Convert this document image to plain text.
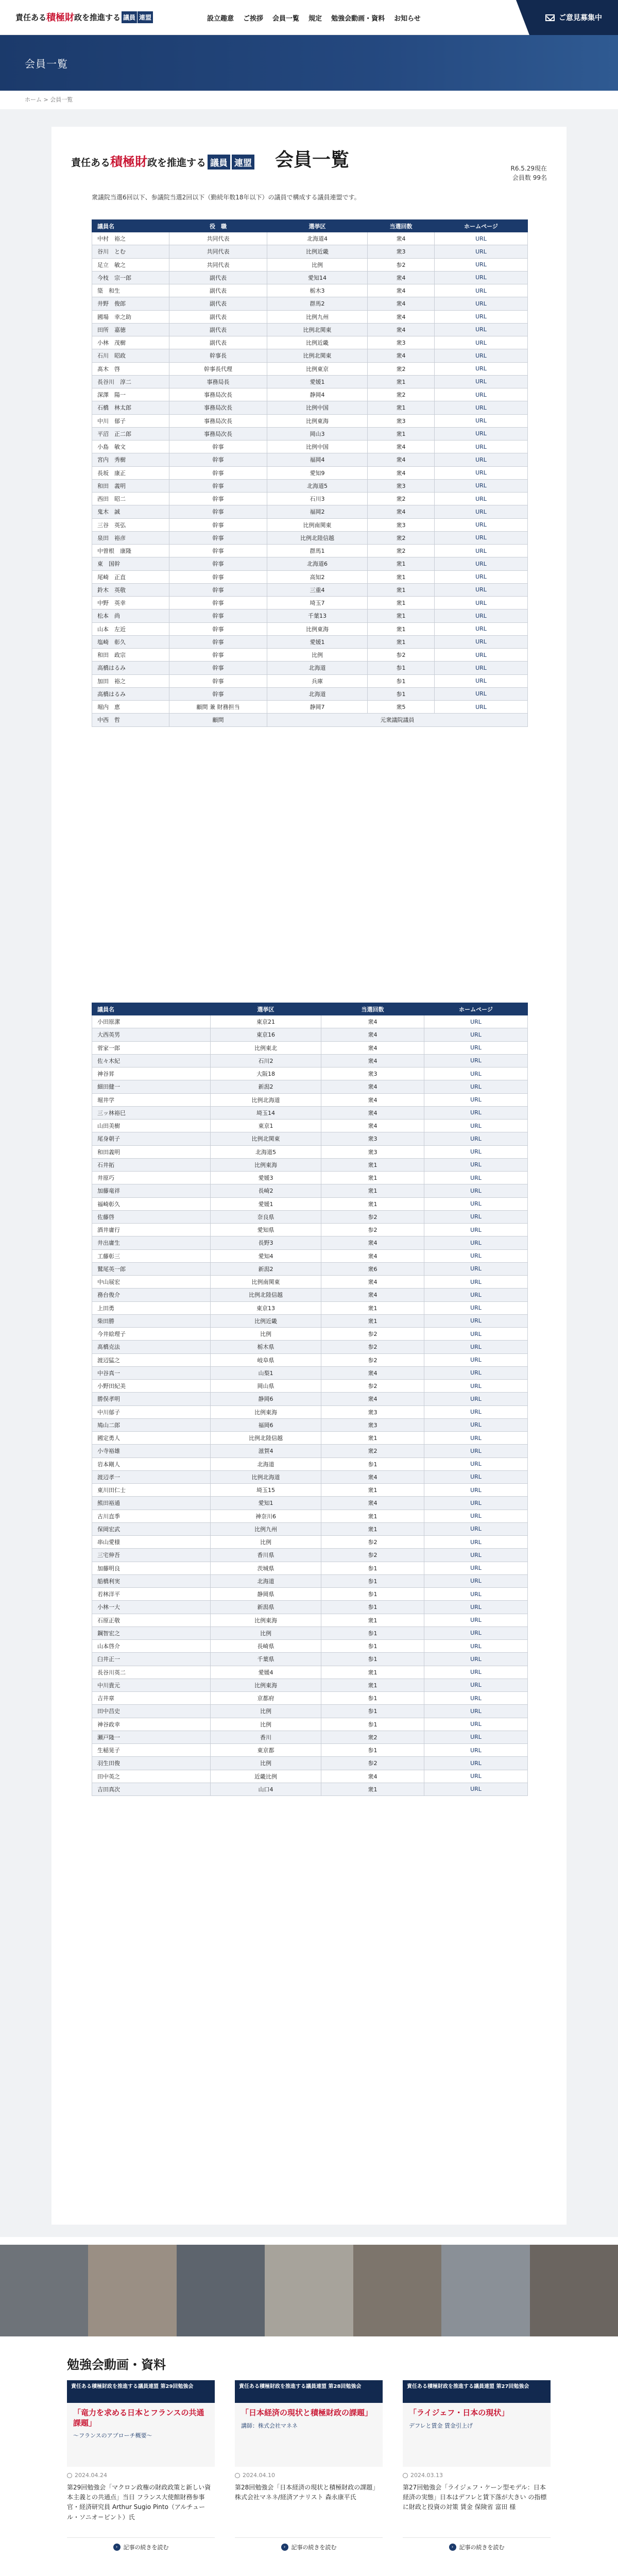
責任ある 積極財 政を推進する 議員 連盟	設立趣意 ご挨拶 会員一覧 規定 勉強会動画・資料 お知らせ	ご意見募集中
会員一覧
ホーム > 会員一覧
責任ある 積極財 政を推進する 議員 連盟 会員一覧	R6.5.29現在
会員数 99名
衆議院当選6回以下、参議院当選2回以下（勤続年数18年以下）の議員で構成する議員連盟です。
議員名	役　職	選挙区	当選回数	ホームページ
中村　裕之	共同代表	北海道4	衆4	URL
谷川　とむ	共同代表	比例近畿	衆3	URL
足立　敏之	共同代表	比例	参2	URL
今枝　宗一郎	副代表	愛知14	衆4	URL
簗　和生	副代表	栃木3	衆4	URL
井野　俊郎	副代表	群馬2	衆4	URL
國場　幸之助	副代表	比例九州	衆4	URL
田所　嘉徳	副代表	比例北関東	衆4	URL
小林　茂樹	副代表	比例近畿	衆3	URL
石川　昭政	幹事長	比例北関東	衆4	URL
髙木　啓	幹事長代理	比例東京	衆2	URL
長谷川　淳二	事務局長	愛媛1	衆1	URL
深澤　陽一	事務局次長	静岡4	衆2	URL
石橋　林太郎	事務局次長	比例中国	衆1	URL
中川　郁子	事務局次長	比例東海	衆3	URL
平沼　正二郎	事務局次長	岡山3	衆1	URL
小島　敏文	幹事	比例中国	衆4	URL
宮内　秀樹	幹事	福岡4	衆4	URL
長坂　康正	幹事	愛知9	衆4	URL
和田　義明	幹事	北海道5	衆3	URL
西田　昭二	幹事	石川3	衆2	URL
鬼木　誠	幹事	福岡2	衆4	URL
三谷　英弘	幹事	比例南関東	衆3	URL
泉田　裕彦	幹事	比例北陸信越	衆2	URL
中曽根　康隆	幹事	群馬1	衆2	URL
東　国幹	幹事	北海道6	衆1	URL
尾崎　正直	幹事	高知2	衆1	URL
鈴木　英敬	幹事	三重4	衆1	URL
中野　英幸	幹事	埼玉7	衆1	URL
松本　尚	幹事	千葉13	衆1	URL
山本　左近	幹事	比例東海	衆1	URL
塩崎　彰久	幹事	愛媛1	衆1	URL
和田　政宗	幹事	比例	参2	URL
高橋はるみ	幹事	北海道	参1	URL
加田　裕之	幹事	兵庫	参1	URL
高橋はるみ	幹事	北海道	参1	URL
堀内　恵	顧問 兼 財務担当	静岡7	衆5	URL
中西　哲	顧問	元衆議院議員		
議員名	選挙区	当選回数	ホームページ
小田原潔	東京21	衆4	URL
大西英男	東京16	衆4	URL
菅家一郎	比例東北	衆4	URL
佐々木紀	石川2	衆4	URL
神谷昇	大阪18	衆3	URL
細田健一	新潟2	衆4	URL
堀井学	比例北海道	衆4	URL
三ッ林裕巳	埼玉14	衆4	URL
山田美樹	東京1	衆4	URL
尾身朝子	比例北関東	衆3	URL
和田義明	北海道5	衆3	URL
石井拓	比例東海	衆1	URL
井原巧	愛媛3	衆1	URL
加藤竜祥	長崎2	衆1	URL
福崎彰久	愛媛1	衆1	URL
佐藤啓	奈良県	参2	URL
酒井庸行	愛知県	参2	URL
井出庸生	長野3	衆4	URL
工藤彰三	愛知4	衆4	URL
鷲尾英一郎	新潟2	衆6	URL
中山展宏	比例南関東	衆4	URL
務台俊介	比例北陸信越	衆4	URL
上田勇	東京13	衆1	URL
柴田勝	比例近畿	衆1	URL
今井絵理子	比例	参2	URL
髙橋克法	栃木県	参2	URL
渡辺猛之	岐阜県	参2	URL
中谷真一	山梨1	衆4	URL
小野田紀美	岡山県	参2	URL
勝俣孝明	静岡6	衆4	URL
中川郁子	比例東海	衆3	URL
鳩山二郎	福岡6	衆3	URL
國定勇人	比例北陸信越	衆1	URL
小寺裕雄	滋賀4	衆2	URL
岩本剛人	北海道	参1	URL
渡辺孝一	比例北海道	衆4	URL
東川田仁士	埼玉15	衆1	URL
熊田裕通	愛知1	衆4	URL
古川直季	神奈川6	衆1	URL
保岡宏武	比例九州	衆1	URL
串山愛様	比例	参2	URL
三宅伸吾	香川県	参2	URL
加藤明良	茨城県	参1	URL
船橋利実	北海道	参1	URL
若林洋平	静岡県	参1	URL
小林一大	新潟県	参1	URL
石原正敬	比例東海	衆1	URL
鋼智宏之	比例	参1	URL
山本啓介	長崎県	参1	URL
臼井正一	千葉県	参1	URL
長谷川英二	愛媛4	衆1	URL
中川貴元	比例東海	衆1	URL
吉井章	京都府	参1	URL
田中昌史	比例	参1	URL
神谷政幸	比例	参1	URL
瀬戸隆一	香川	衆2	URL
生稲晃子	東京都	参1	URL
羽生田俊	比例	参2	URL
田中英之	近畿比例	衆4	URL
吉田真次	山口4	衆1	URL
勉強会動画・資料
責任ある積極財政を推進する議員連盟 第29回勉強会
「竜力を求める日本とフランスの共通課題」
〜フランスのアプローチ概要〜
2024.04.24

第29回勉強会「マクロン政権の財政政策と新しい資本主義との共通点」当日 フランス大使館財務参事官・経済研究員 Arthur Sugio Pinto（アルチュール・ソニオ＝ピント）氏

›	記事の続きを読む
責任ある積極財政を推進する議員連盟 第28回勉強会
「日本経済の現状と積極財政の課題」
講師：株式会社マネネ
2024.04.10

第28回勉強会「日本経済の現状と積極財政の課題」株式会社マネネ/経済アナリスト 森永康平氏

›	記事の続きを読む
責任ある積極財政を推進する議員連盟 第27回勉強会
「ライジェフ・日本の現状」
デフレと賃金 賃金引上げ
2024.03.13

第27回勉強会「ライジェフ・ケーン型モデル：日本経済の実態」日本はデフレと賃下落が大きい の指標に財政と投資の対策 賃金 保険省 富田 様

›	記事の続きを読む
